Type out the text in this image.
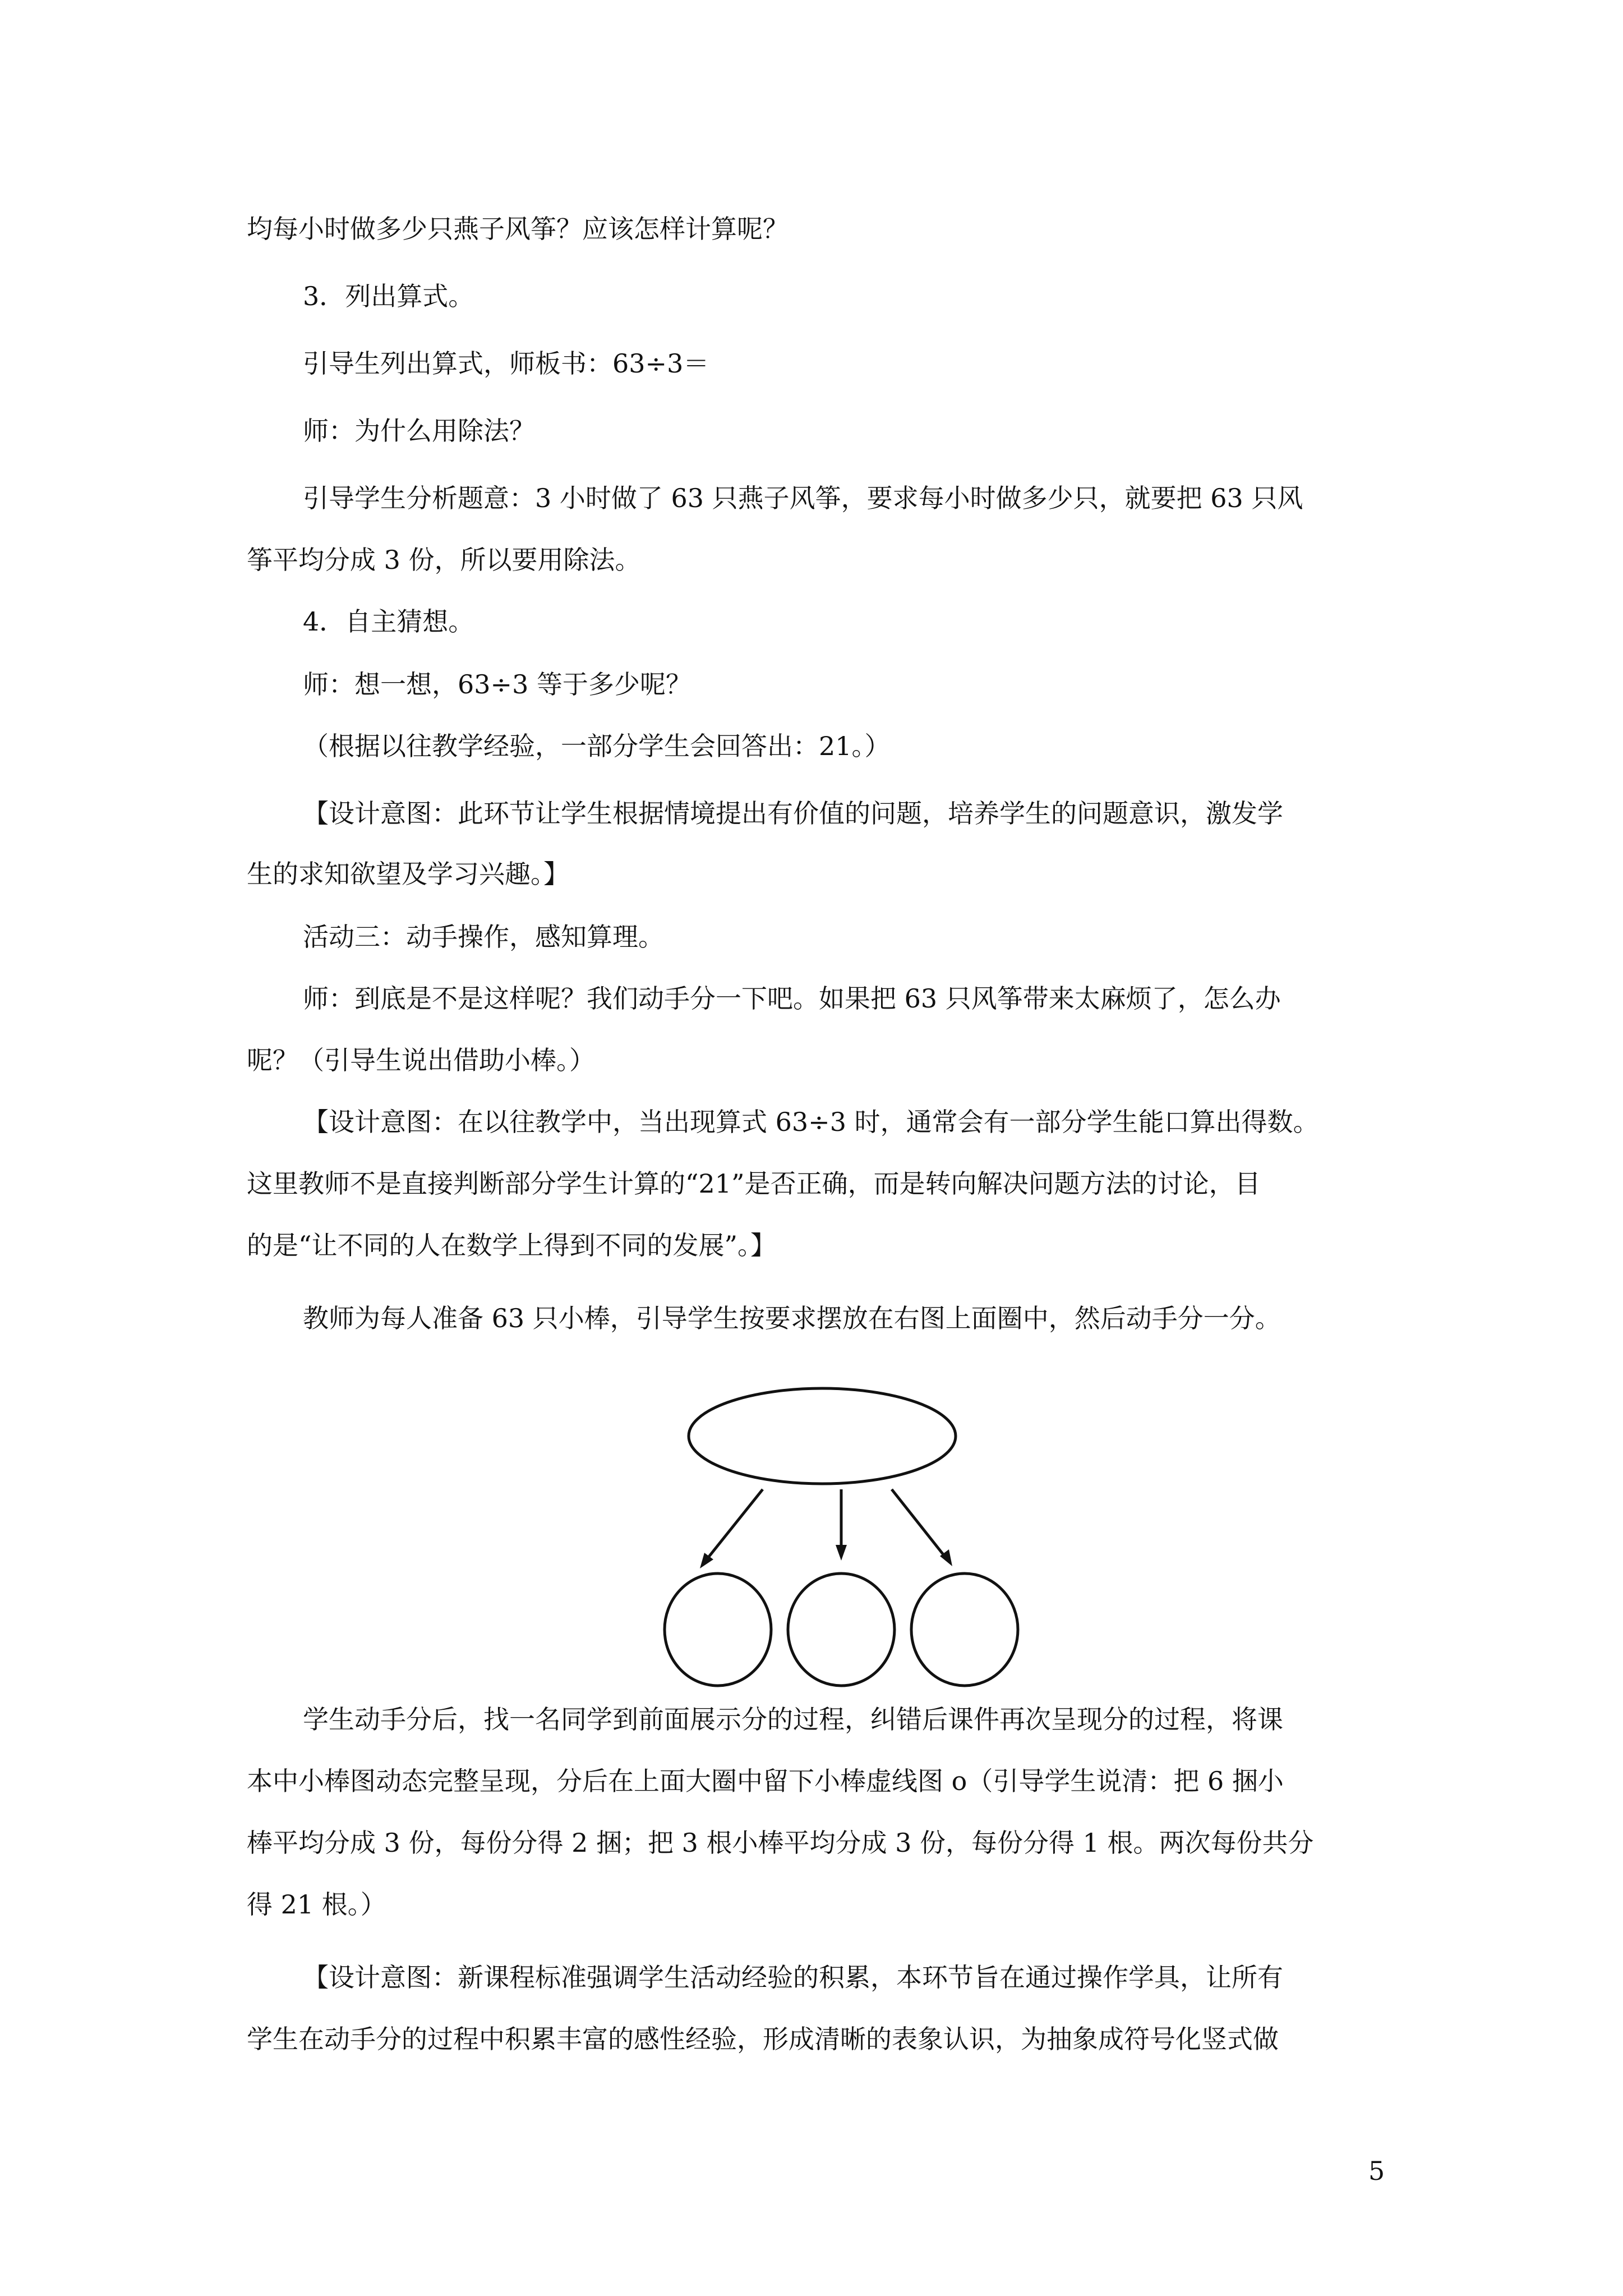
均每小时做多少只燕子风筝？应该怎样计算呢？
3．列出算式。
引导生列出算式，师板书：63÷3＝
师：为什么用除法？
引导学生分析题意：3 小时做了 63 只燕子风筝，要求每小时做多少只，就要把 63 只风
筝平均分成 3 份，所以要用除法。
4．自主猜想。
师：想一想，63÷3 等于多少呢？
（根据以往教学经验，一部分学生会回答出：21。）
【设计意图：此环节让学生根据情境提出有价值的问题，培养学生的问题意识，激发学
生的求知欲望及学习兴趣。】
活动三：动手操作，感知算理。
师：到底是不是这样呢？我们动手分一下吧。如果把 63 只风筝带来太麻烦了，怎么办
呢？（引导生说出借助小棒。）
【设计意图：在以往教学中，当出现算式 63÷3 时，通常会有一部分学生能口算出得数。
这里教师不是直接判断部分学生计算的“21”是否正确，而是转向解决问题方法的讨论，目
的是“让不同的人在数学上得到不同的发展”。】
教师为每人准备 63 只小棒，引导学生按要求摆放在右图上面圈中，然后动手分一分。
学生动手分后，找一名同学到前面展示分的过程，纠错后课件再次呈现分的过程，将课
本中小棒图动态完整呈现，分后在上面大圈中留下小棒虚线图 o（引导学生说清：把 6 捆小
棒平均分成 3 份，每份分得 2 捆；把 3 根小棒平均分成 3 份，每份分得 1 根。两次每份共分
得 21 根。）
【设计意图：新课程标准强调学生活动经验的积累，本环节旨在通过操作学具，让所有
学生在动手分的过程中积累丰富的感性经验，形成清晰的表象认识，为抽象成符号化竖式做
5
